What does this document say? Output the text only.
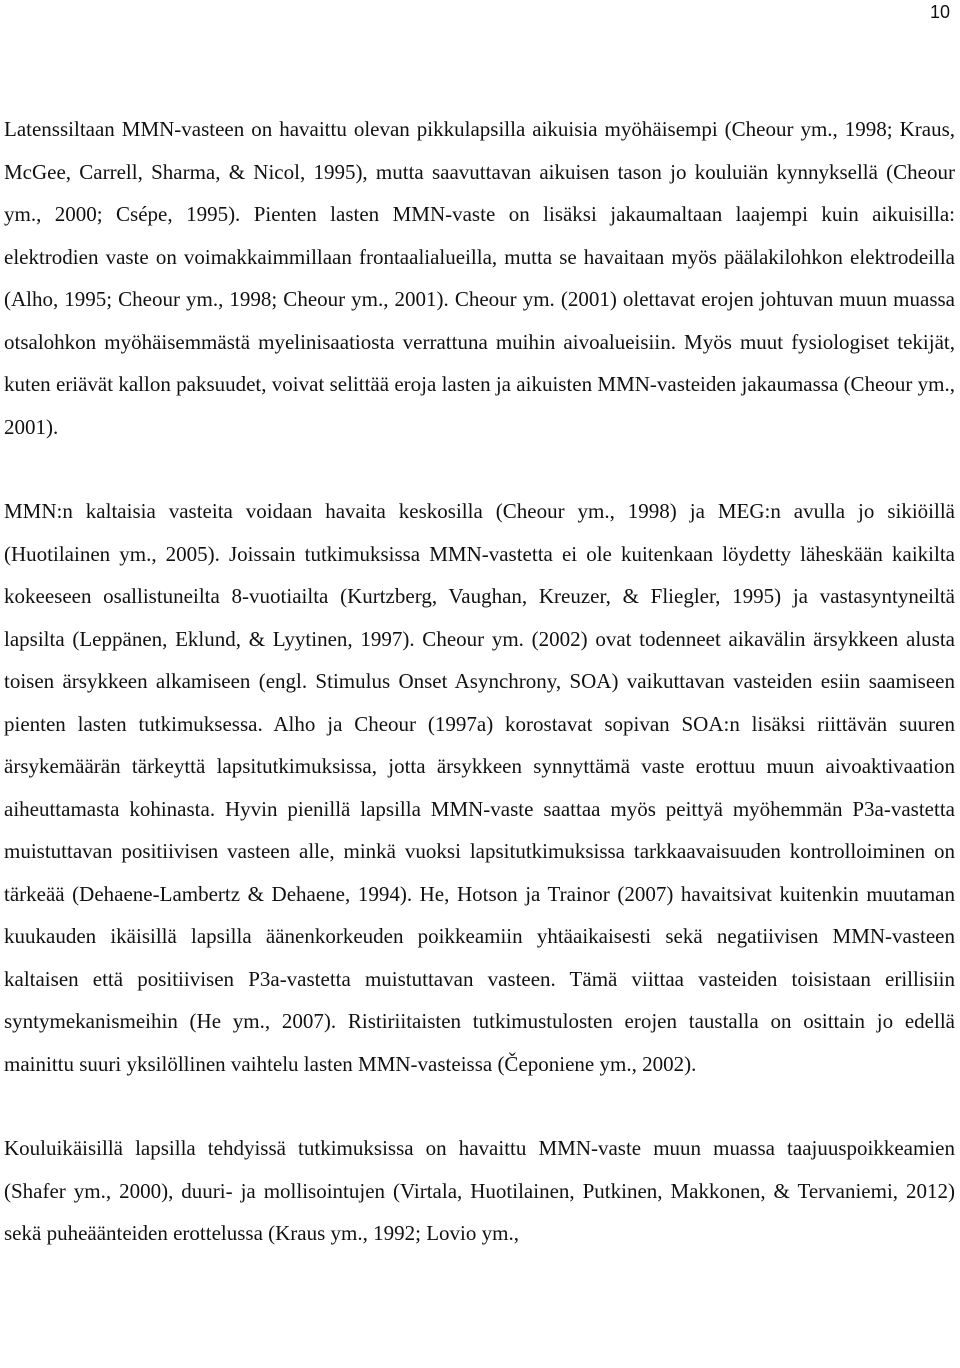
10

Latenssiltaan MMN-vasteen on havaittu olevan pikkulapsilla aikuisia myöhäisempi (Cheour ym., 1998; Kraus, McGee, Carrell, Sharma, & Nicol, 1995), mutta saavuttavan aikuisen tason jo kouluiän kynnyksellä (Cheour ym., 2000; Csépe, 1995). Pienten lasten MMN-vaste on lisäksi jakaumaltaan laajempi kuin aikuisilla: elektrodien vaste on voimakkaimmillaan frontaalialueilla, mutta se havaitaan myös päälakilohkon elektrodeilla (Alho, 1995; Cheour ym., 1998; Cheour ym., 2001). Cheour ym. (2001) olettavat erojen johtuvan muun muassa otsalohkon myöhäisemmästä myelinisaatiosta verrattuna muihin aivoalueisiin. Myös muut fysiologiset tekijät, kuten eriävät kallon paksuudet, voivat selittää eroja lasten ja aikuisten MMN-vasteiden jakaumassa (Cheour ym., 2001).

MMN:n kaltaisia vasteita voidaan havaita keskosilla (Cheour ym., 1998) ja MEG:n avulla jo sikiöillä (Huotilainen ym., 2005). Joissain tutkimuksissa MMN-vastetta ei ole kuitenkaan löydetty läheskään kaikilta kokeeseen osallistuneilta 8-vuotiailta (Kurtzberg, Vaughan, Kreuzer, & Fliegler, 1995) ja vastasyntyneiltä lapsilta (Leppänen, Eklund, & Lyytinen, 1997). Cheour ym. (2002) ovat todenneet aikavälin ärsykkeen alusta toisen ärsykkeen alkamiseen (engl. Stimulus Onset Asynchrony, SOA) vaikuttavan vasteiden esiin saamiseen pienten lasten tutkimuksessa. Alho ja Cheour (1997a) korostavat sopivan SOA:n lisäksi riittävän suuren ärsykemäärän tärkeyttä lapsitutkimuksissa, jotta ärsykkeen synnyttämä vaste erottuu muun aivoaktivaation aiheuttamasta kohinasta. Hyvin pienillä lapsilla MMN-vaste saattaa myös peittyä myöhemmän P3a-vastetta muistuttavan positiivisen vasteen alle, minkä vuoksi lapsitutkimuksissa tarkkaavaisuuden kontrolloiminen on tärkeää (Dehaene-Lambertz & Dehaene, 1994). He, Hotson ja Trainor (2007) havaitsivat kuitenkin muutaman kuukauden ikäisillä lapsilla äänenkorkeuden poikkeamiin yhtäaikaisesti sekä negatiivisen MMN-vasteen kaltaisen että positiivisen P3a-vastetta muistuttavan vasteen. Tämä viittaa vasteiden toisistaan erillisiin syntymekanismeihin (He ym., 2007). Ristiriitaisten tutkimustulosten erojen taustalla on osittain jo edellä mainittu suuri yksilöllinen vaihtelu lasten MMN-vasteissa (Čeponiene ym., 2002).

Kouluikäisillä lapsilla tehdyissä tutkimuksissa on havaittu MMN-vaste muun muassa taajuuspoikkeamien (Shafer ym., 2000), duuri- ja mollisointujen (Virtala, Huotilainen, Putkinen, Makkonen, & Tervaniemi, 2012) sekä puheäänteiden erottelussa (Kraus ym., 1992; Lovio ym.,
